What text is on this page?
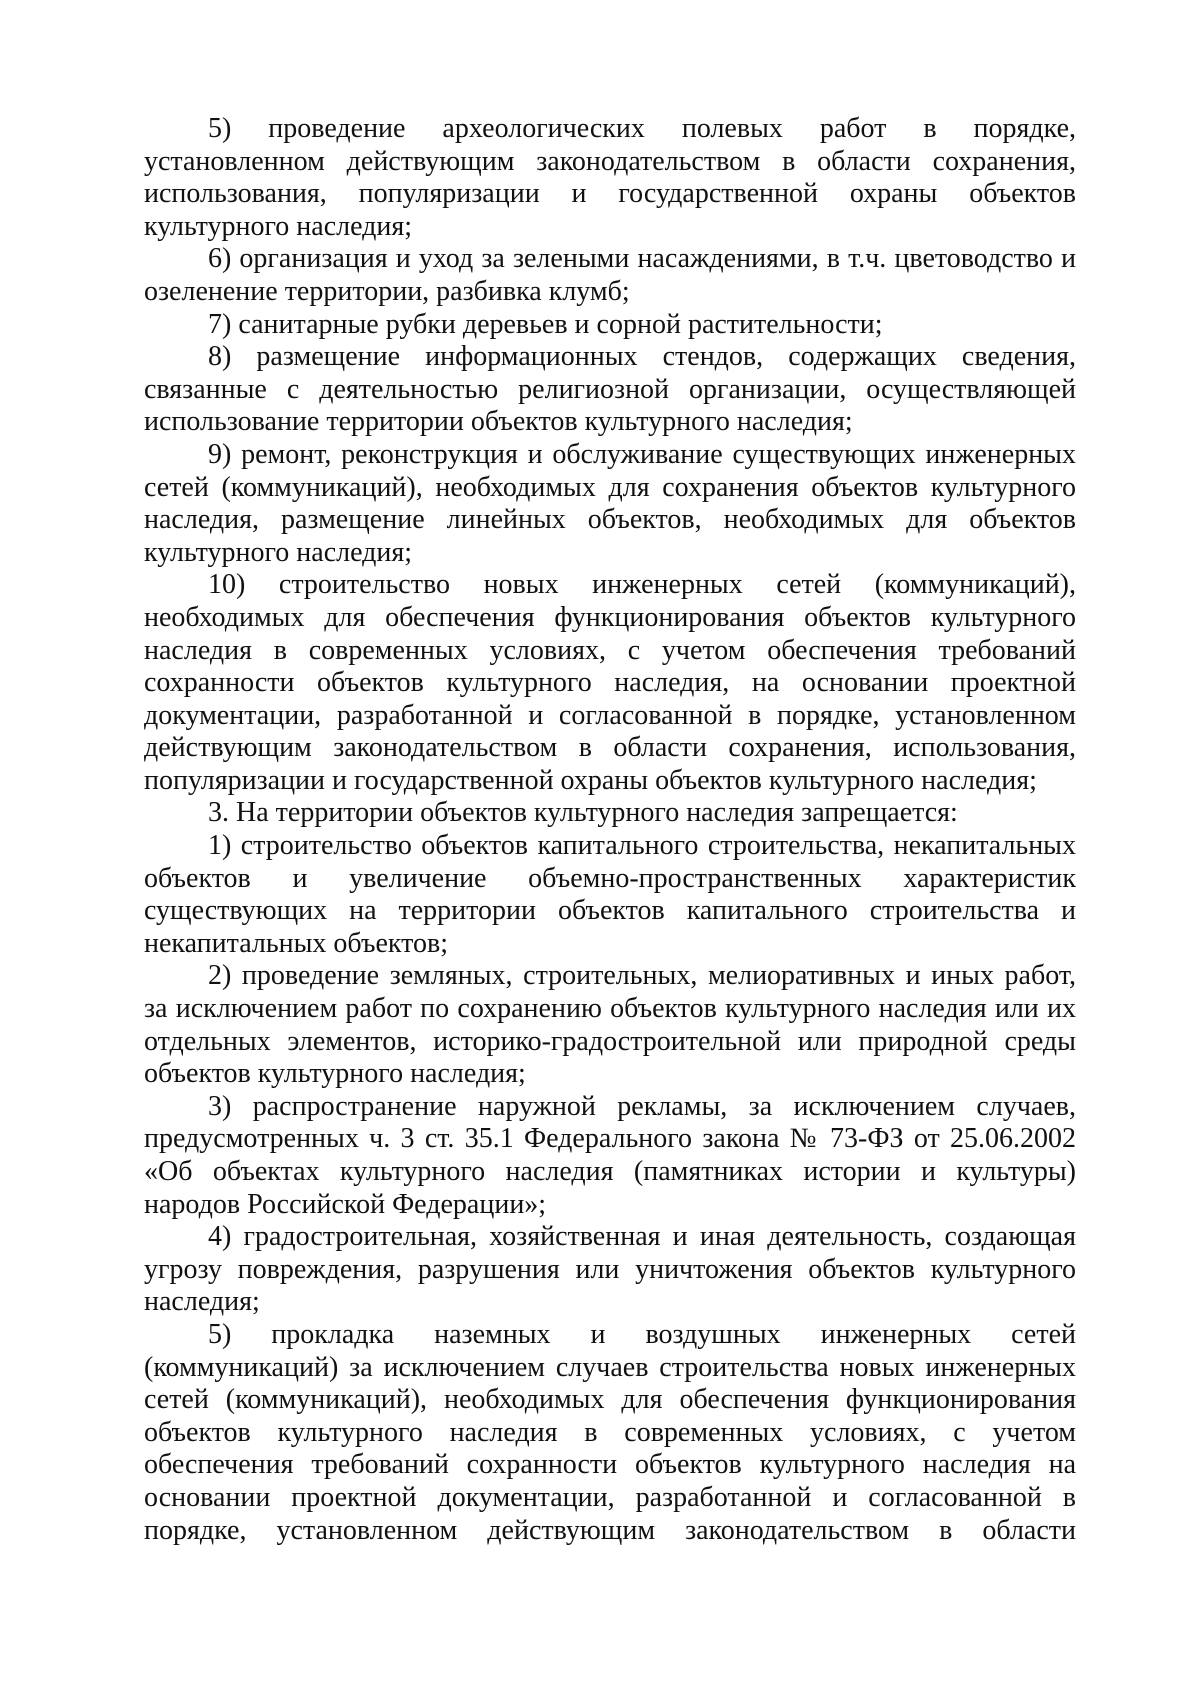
5) проведение археологических полевых работ в порядке, установленном действующим законодательством в области сохранения, использования, популяризации и государственной охраны объектов культурного наследия;

6) организация и уход за зелеными насаждениями, в т.ч. цветоводство и озеленение территории, разбивка клумб;

7) санитарные рубки деревьев и сорной растительности;

8) размещение информационных стендов, содержащих сведения, связанные с деятельностью религиозной организации, осуществляющей использование территории объектов культурного наследия;

9) ремонт, реконструкция и обслуживание существующих инженерных сетей (коммуникаций), необходимых для сохранения объектов культурного наследия, размещение линейных объектов, необходимых для объектов культурного наследия;

10) строительство новых инженерных сетей (коммуникаций), необходимых для обеспечения функционирования объектов культурного наследия в современных условиях, с учетом обеспечения требований сохранности объектов культурного наследия, на основании проектной документации, разработанной и согласованной в порядке, установленном действующим законодательством в области сохранения, использования, популяризации и государственной охраны объектов культурного наследия;

3. На территории объектов культурного наследия запрещается:

1) строительство объектов капитального строительства, некапитальных объектов и увеличение объемно-пространственных характеристик существующих на территории объектов капитального строительства и некапитальных объектов;

2) проведение земляных, строительных, мелиоративных и иных работ, за исключением работ по сохранению объектов культурного наследия или их отдельных элементов, историко-градостроительной или природной среды объектов культурного наследия;

3) распространение наружной рекламы, за исключением случаев, предусмотренных ч. 3 ст. 35.1 Федерального закона № 73-ФЗ от 25.06.2002 «Об объектах культурного наследия (памятниках истории и культуры) народов Российской Федерации»;

4) градостроительная, хозяйственная и иная деятельность, создающая угрозу повреждения, разрушения или уничтожения объектов культурного наследия;

5) прокладка наземных и воздушных инженерных сетей (коммуникаций) за исключением случаев строительства новых инженерных сетей (коммуникаций), необходимых для обеспечения функционирования объектов культурного наследия в современных условиях, с учетом обеспечения требований сохранности объектов культурного наследия на основании проектной документации, разработанной и согласованной в порядке, установленном действующим законодательством в области
